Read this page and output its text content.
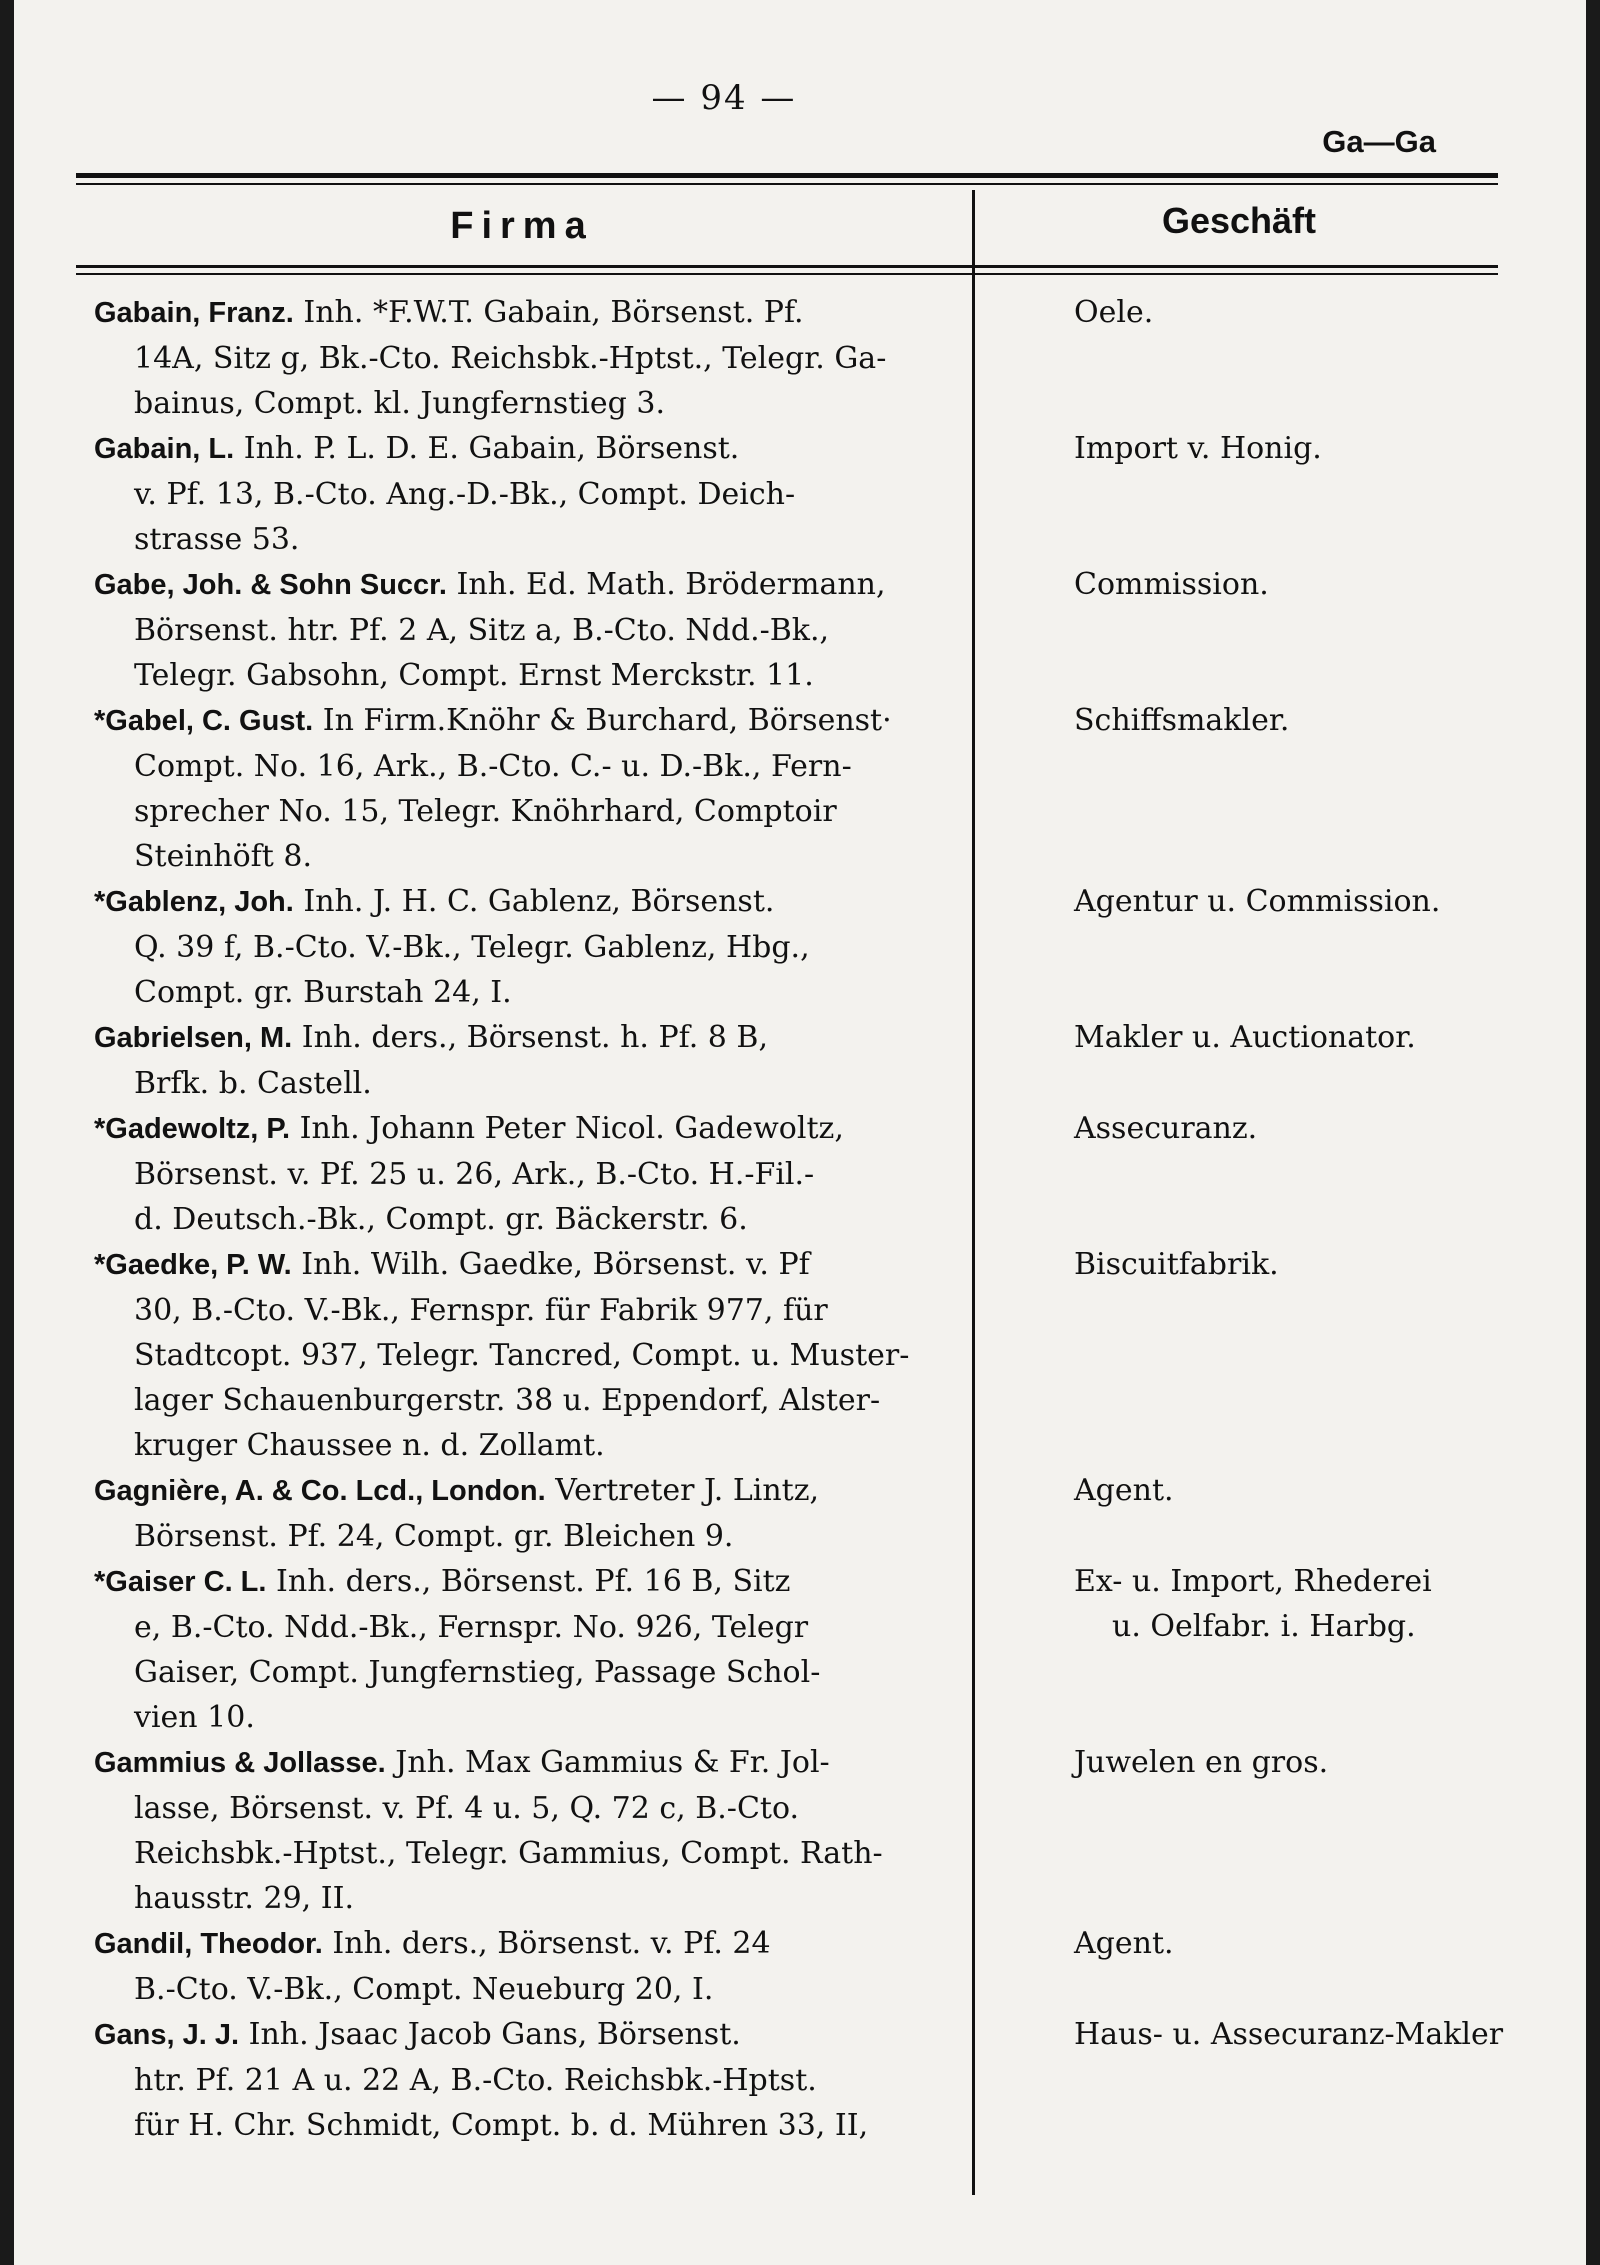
— 94 —
Ga—Ga
Firma	Geschäft
Gabain, Franz. Inh. *F.W.T. Gabain, Börsenst. Pf.
14A, Sitz g, Bk.-Cto. Reichsbk.-Hptst., Telegr. Ga-
bainus, Compt. kl. Jungfernstieg 3.
Oele.
Gabain, L. Inh. P. L. D. E. Gabain, Börsenst.
v. Pf. 13, B.-Cto. Ang.-D.-Bk., Compt. Deich-
strasse 53.
Import v. Honig.
Gabe, Joh. & Sohn Succr. Inh. Ed. Math. Brödermann,
Börsenst. htr. Pf. 2 A, Sitz a, B.-Cto. Ndd.-Bk.,
Telegr. Gabsohn, Compt. Ernst Merckstr. 11.
Commission.
*Gabel, C. Gust. In Firm.Knöhr & Burchard, Börsenst·
Compt. No. 16, Ark., B.-Cto. C.- u. D.-Bk., Fern-
sprecher No. 15, Telegr. Knöhrhard, Comptoir
Steinhöft 8.
Schiffsmakler.
*Gablenz, Joh. Inh. J. H. C. Gablenz, Börsenst.
Q. 39 f, B.-Cto. V.-Bk., Telegr. Gablenz, Hbg.,
Compt. gr. Burstah 24, I.
Agentur u. Commission.
Gabrielsen, M. Inh. ders., Börsenst. h. Pf. 8 B,
Brfk. b. Castell.
Makler u. Auctionator.
*Gadewoltz, P. Inh. Johann Peter Nicol. Gadewoltz,
Börsenst. v. Pf. 25 u. 26, Ark., B.-Cto. H.-Fil.-
d. Deutsch.-Bk., Compt. gr. Bäckerstr. 6.
Assecuranz.
*Gaedke, P. W. Inh. Wilh. Gaedke, Börsenst. v. Pf
30, B.-Cto. V.-Bk., Fernspr. für Fabrik 977, für
Stadtcopt. 937, Telegr. Tancred, Compt. u. Muster-
lager Schauenburgerstr. 38 u. Eppendorf, Alster-
kruger Chaussee n. d. Zollamt.
Biscuitfabrik.
Gagnière, A. & Co. Lcd., London. Vertreter J. Lintz,
Börsenst. Pf. 24, Compt. gr. Bleichen 9.
Agent.
*Gaiser C. L. Inh. ders., Börsenst. Pf. 16 B, Sitz
e, B.-Cto. Ndd.-Bk., Fernspr. No. 926, Telegr
Gaiser, Compt. Jungfernstieg, Passage Schol-
vien 10.
Ex- u. Import, Rhederei
u. Oelfabr. i. Harbg.
Gammius & Jollasse. Jnh. Max Gammius & Fr. Jol-
lasse, Börsenst. v. Pf. 4 u. 5, Q. 72 c, B.-Cto.
Reichsbk.-Hptst., Telegr. Gammius, Compt. Rath-
hausstr. 29, II.
Juwelen en gros.
Gandil, Theodor. Inh. ders., Börsenst. v. Pf. 24
B.-Cto. V.-Bk., Compt. Neueburg 20, I.
Agent.
Gans, J. J. Inh. Jsaac Jacob Gans, Börsenst.
htr. Pf. 21 A u. 22 A, B.-Cto. Reichsbk.-Hptst.
für H. Chr. Schmidt, Compt. b. d. Mühren 33, II,
Haus- u. Assecuranz-Makler
